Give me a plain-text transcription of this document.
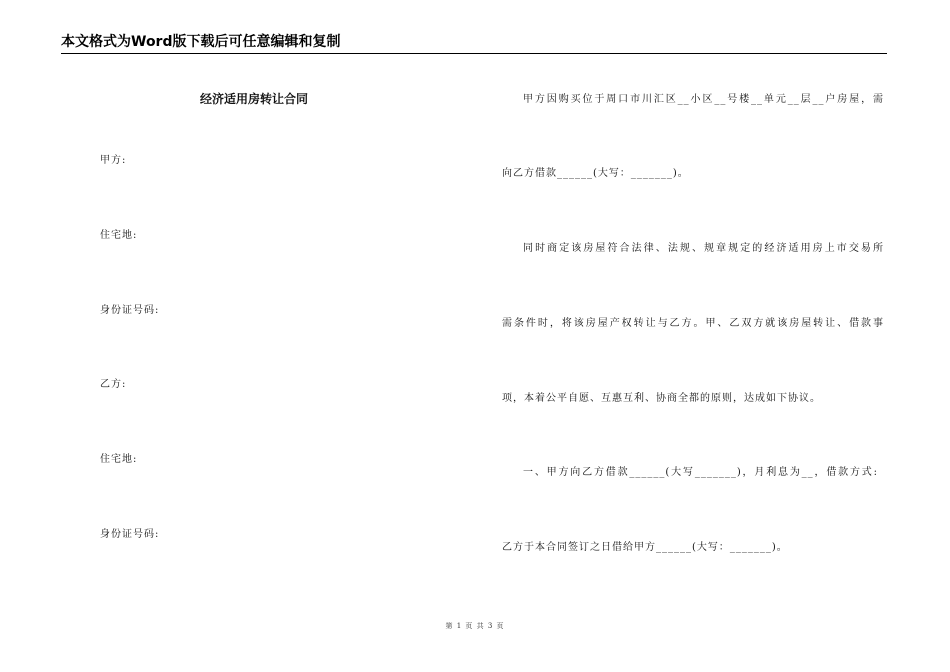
本文格式为Word版下载后可任意编辑和复制
经济适用房转让合同
甲方:
住宅地:
身份证号码:
乙方:
住宅地:
身份证号码:
甲方因购买位于周口市川汇区__小区__号楼__单元__层__户房屋，需
向乙方借款______(大写：_______)。
同时商定该房屋符合法律、法规、规章规定的经济适用房上市交易所
需条件时，将该房屋产权转让与乙方。甲、乙双方就该房屋转让、借款事
项，本着公平自愿、互惠互利、协商全都的原则，达成如下协议。
一、甲方向乙方借款______(大写_______)，月利息为__，借款方式:
乙方于本合同签订之日借给甲方______(大写：_______)。
第 1 页 共 3 页
